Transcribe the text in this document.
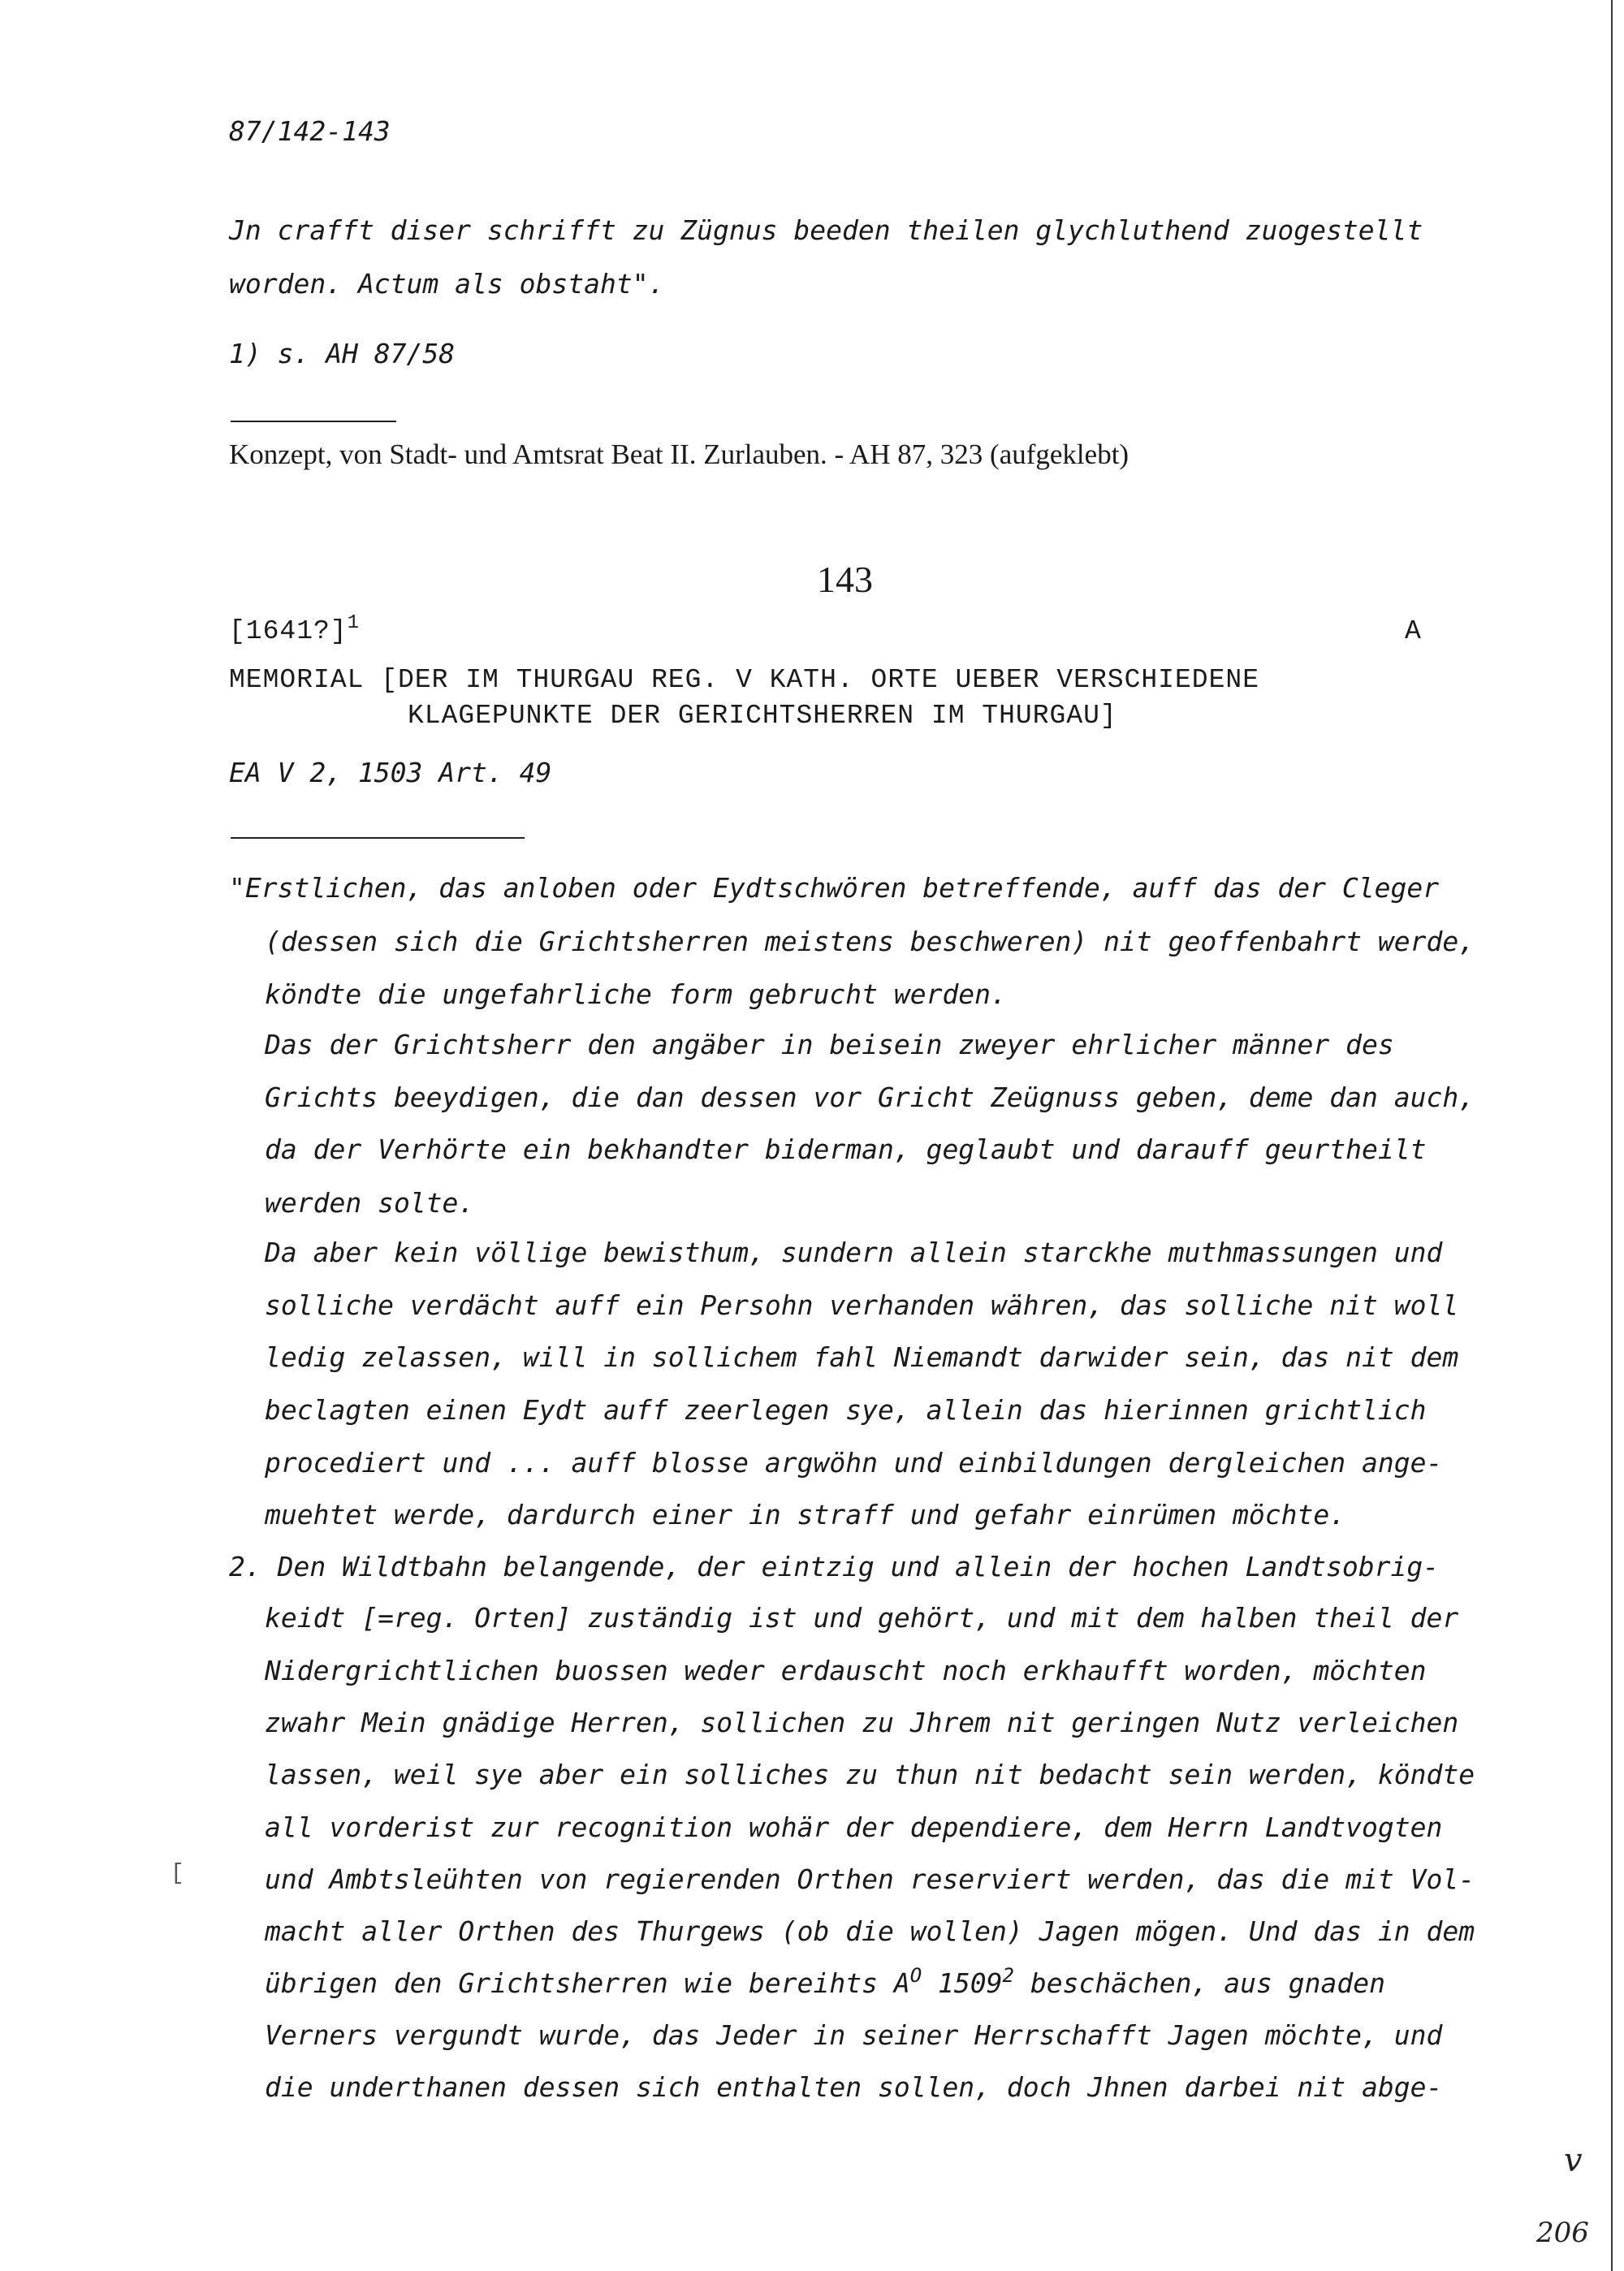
87/142-143
Jn crafft diser schrifft zu Zügnus beeden theilen glychluthend zuogestellt
worden. Actum als obstaht".
1) s. AH 87/58
Konzept, von Stadt- und Amtsrat Beat II. Zurlauben. - AH 87, 323 (aufgeklebt)
143
[1641?]$^1$	A
MEMORIAL [DER IM THURGAU REG. V KATH. ORTE UEBER VERSCHIEDENE
KLAGEPUNKTE DER GERICHTSHERREN IM THURGAU]
EA V 2, 1503 Art. 49
"Erstlichen, das anloben oder Eydtschwören betreffende, auff das der Cleger
(dessen sich die Grichtsherren meistens beschweren) nit geoffenbahrt werde,
köndte die ungefahrliche form gebrucht werden.
Das der Grichtsherr den angäber in beisein zweyer ehrlicher männer des
Grichts beeydigen, die dan dessen vor Gricht Zeügnuss geben, deme dan auch,
da der Verhörte ein bekhandter biderman, geglaubt und darauff geurtheilt
werden solte.
Da aber kein völlige bewisthum, sundern allein starckhe muthmassungen und
solliche verdächt auff ein Persohn verhanden währen, das solliche nit woll
ledig zelassen, will in sollichem fahl Niemandt darwider sein, das nit dem
beclagten einen Eydt auff zeerlegen sye, allein das hierinnen grichtlich
procediert und ... auff blosse argwöhn und einbildungen dergleichen ange-
muehtet werde, dardurch einer in straff und gefahr einrümen möchte.
2. Den Wildtbahn belangende, der eintzig und allein der hochen Landtsobrig-
keidt [=reg. Orten] zuständig ist und gehört, und mit dem halben theil der
Nidergrichtlichen buossen weder erdauscht noch erkhaufft worden, möchten
zwahr Mein gnädige Herren, sollichen zu Jhrem nit geringen Nutz verleichen
lassen, weil sye aber ein solliches zu thun nit bedacht sein werden, köndte
all vorderist zur recognition wohär der dependiere, dem Herrn Landtvogten
und Ambtsleühten von regierenden Orthen reserviert werden, das die mit Vol-
macht aller Orthen des Thurgews (ob die wollen) Jagen mögen. Und das in dem
übrigen den Grichtsherren wie bereihts $A^O$ 1509$^2$ beschächen, aus gnaden
Verners vergundt wurde, das Jeder in seiner Herrschafft Jagen möchte, und
die underthanen dessen sich enthalten sollen, doch Jhnen darbei nit abge-
[
v
206
